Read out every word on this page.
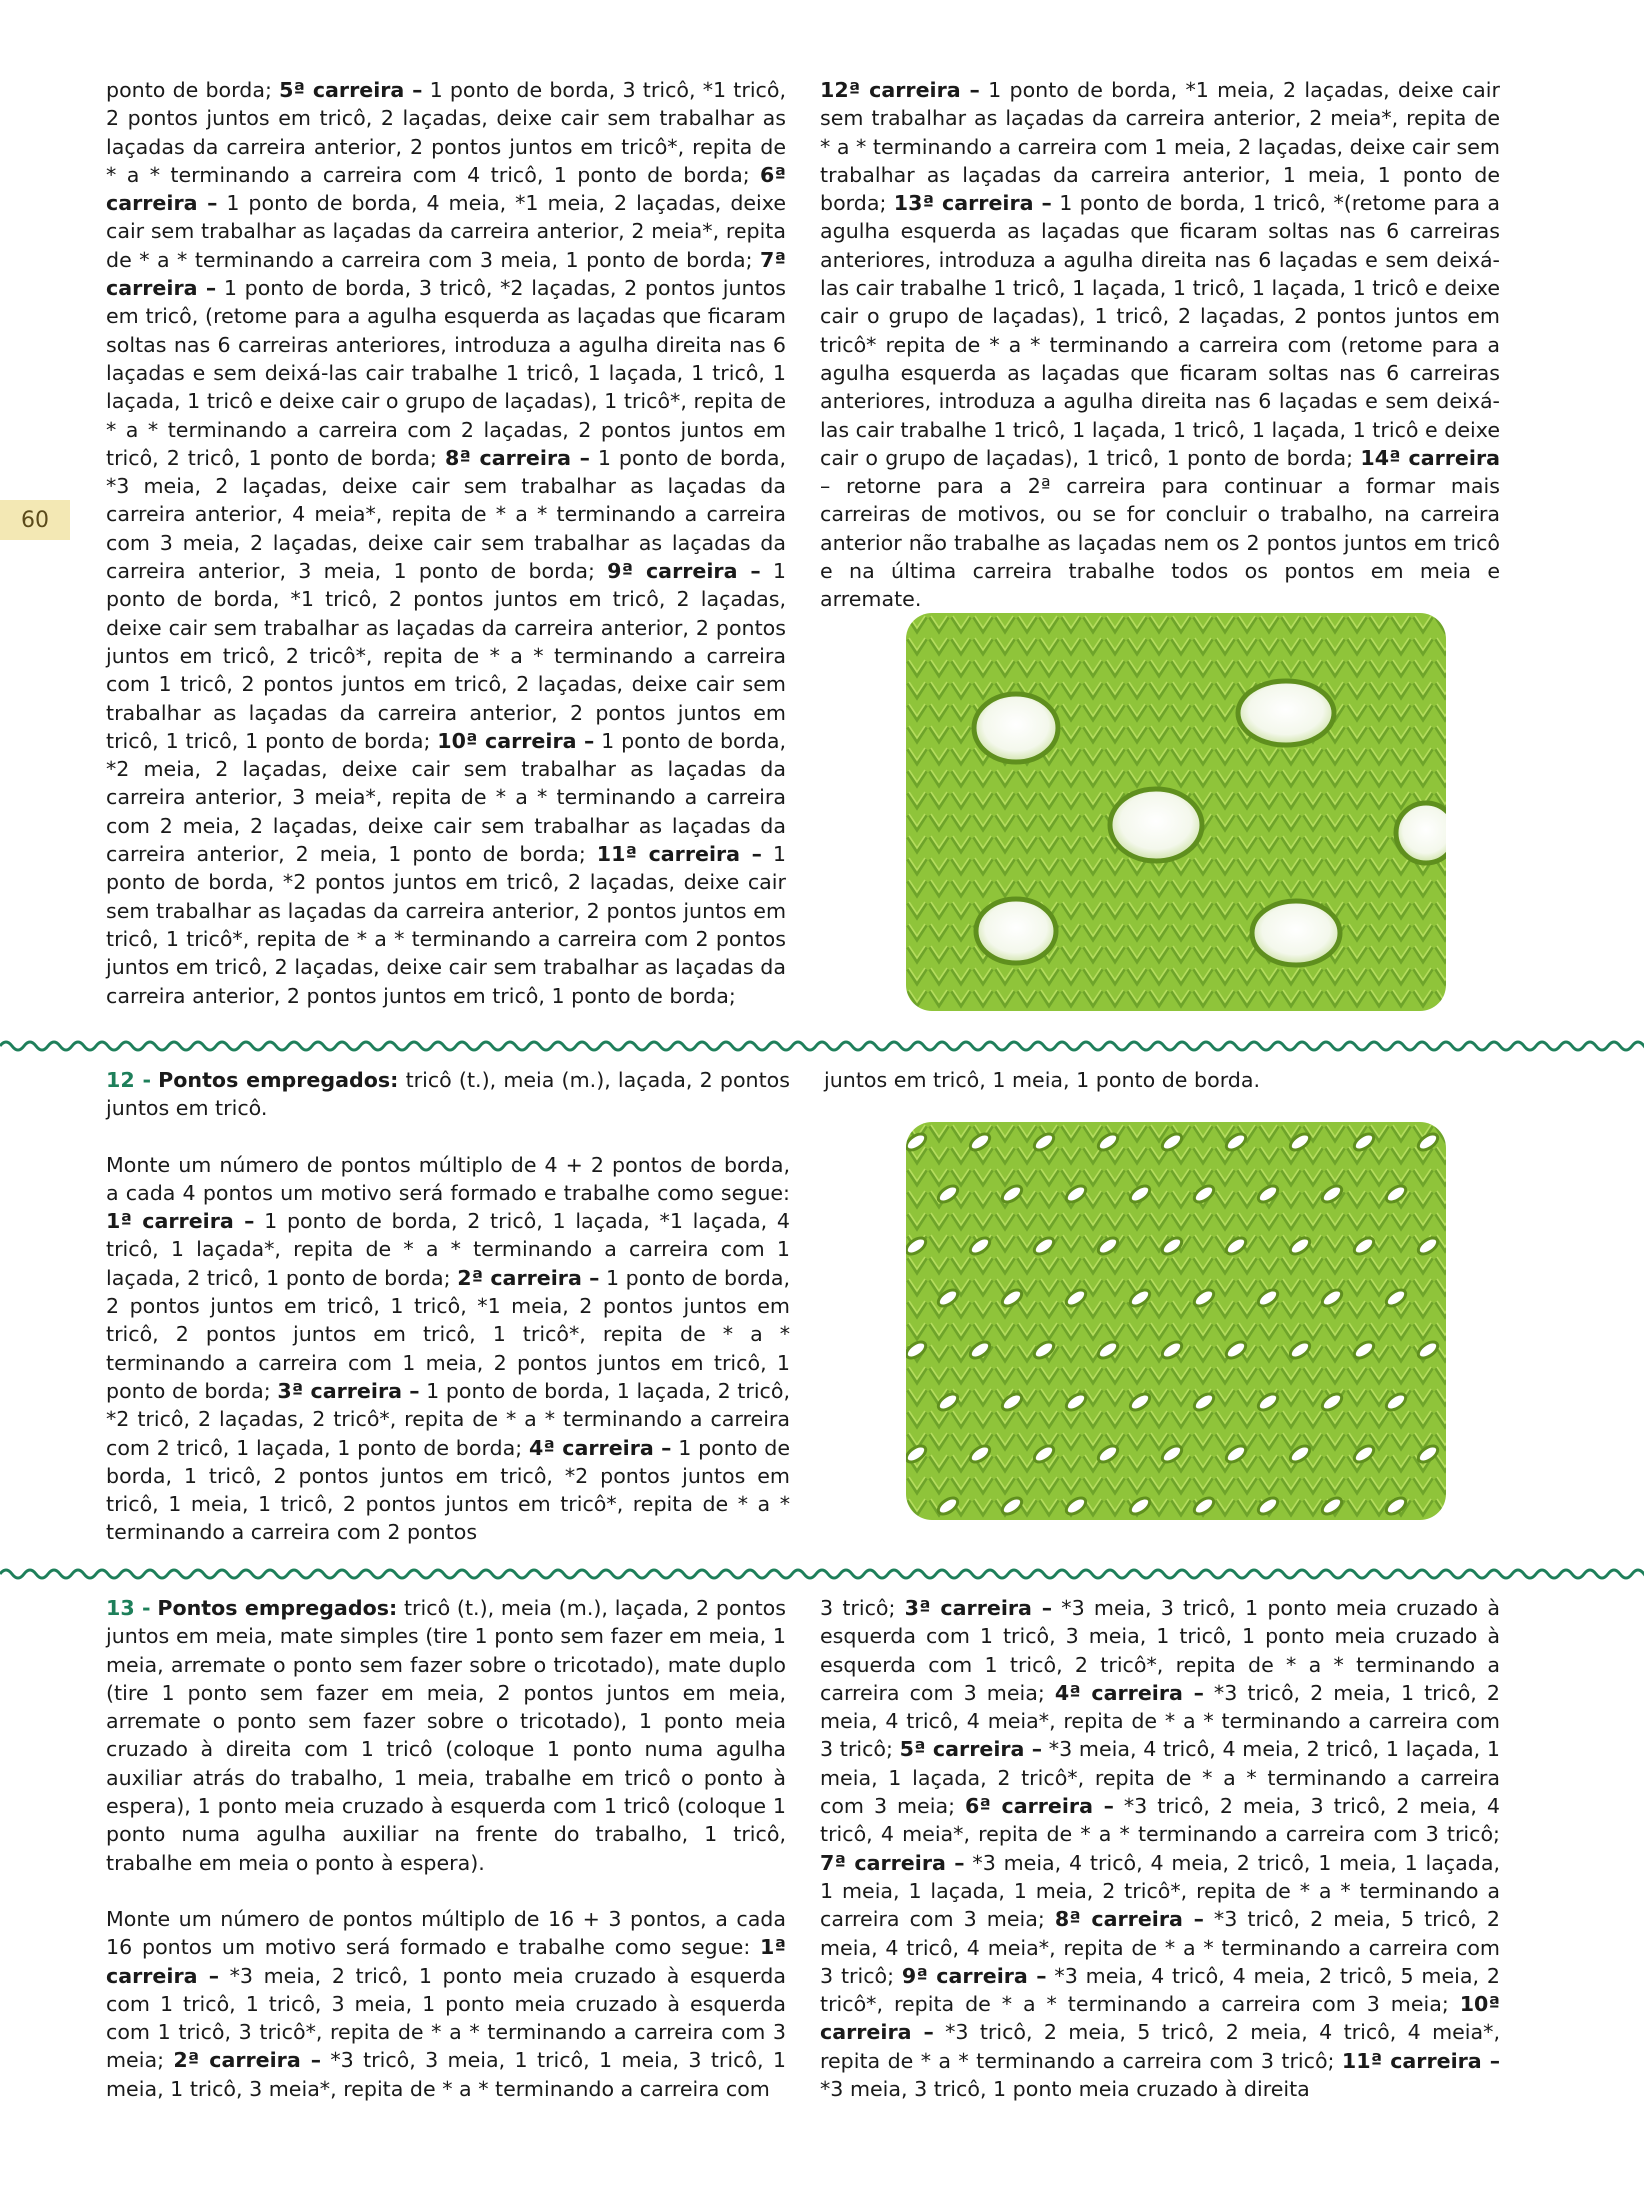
60

ponto de borda; 5ª carreira – 1 ponto de borda, 3 tricô, *1 tricô, 2 pontos juntos em tricô, 2 laçadas, deixe cair sem trabalhar as laçadas da carreira anterior, 2 pontos juntos em tricô*, repita de * a * terminando a carreira com 4 tricô, 1 ponto de borda; 6ª carreira – 1 ponto de borda, 4 meia, *1 meia, 2 laçadas, deixe cair sem trabalhar as laçadas da carreira anterior, 2 meia*, repita de * a * terminando a carreira com 3 meia, 1 ponto de borda; 7ª carreira – 1 ponto de borda, 3 tricô, *2 laçadas, 2 pontos juntos em tricô, (retome para a agulha esquerda as laçadas que ficaram soltas nas 6 carreiras anteriores, introduza a agulha direita nas 6 laçadas e sem deixá-las cair trabalhe 1 tricô, 1 laçada, 1 tricô, 1 laçada, 1 tricô e deixe cair o grupo de laçadas), 1 tricô*, repita de * a * terminando a carreira com 2 laçadas, 2 pontos juntos em tricô, 2 tricô, 1 ponto de borda; 8ª carreira – 1 ponto de borda, *3 meia, 2 laçadas, deixe cair sem trabalhar as laçadas da carreira anterior, 4 meia*, repita de * a * terminando a carreira com 3 meia, 2 laçadas, deixe cair sem trabalhar as laçadas da carreira anterior, 3 meia, 1 ponto de borda; 9ª carreira – 1 ponto de borda, *1 tricô, 2 pontos juntos em tricô, 2 laçadas, deixe cair sem trabalhar as laçadas da carreira anterior, 2 pontos juntos em tricô, 2 tricô*, repita de * a * terminando a carreira com 1 tricô, 2 pontos juntos em tricô, 2 laçadas, deixe cair sem trabalhar as laçadas da carreira anterior, 2 pontos juntos em tricô, 1 tricô, 1 ponto de borda; 10ª carreira – 1 ponto de borda, *2 meia, 2 laçadas, deixe cair sem trabalhar as laçadas da carreira anterior, 3 meia*, repita de * a * terminando a carreira com 2 meia, 2 laçadas, deixe cair sem trabalhar as laçadas da carreira anterior, 2 meia, 1 ponto de borda; 11ª carreira – 1 ponto de borda, *2 pontos juntos em tricô, 2 laçadas, deixe cair sem trabalhar as laçadas da carreira anterior, 2 pontos juntos em tricô, 1 tricô*, repita de * a * terminando a carreira com 2 pontos juntos em tricô, 2 laçadas, deixe cair sem trabalhar as laçadas da carreira anterior, 2 pontos juntos em tricô, 1 ponto de borda;

12ª carreira – 1 ponto de borda, *1 meia, 2 laçadas, deixe cair sem trabalhar as laçadas da carreira anterior, 2 meia*, repita de * a * terminando a carreira com 1 meia, 2 laçadas, deixe cair sem trabalhar as laçadas da carreira anterior, 1 meia, 1 ponto de borda; 13ª carreira – 1 ponto de borda, 1 tricô, *(retome para a agulha esquerda as laçadas que ficaram soltas nas 6 carreiras anteriores, introduza a agulha direita nas 6 laçadas e sem deixá-las cair trabalhe 1 tricô, 1 laçada, 1 tricô, 1 laçada, 1 tricô e deixe cair o grupo de laçadas), 1 tricô, 2 laçadas, 2 pontos juntos em tricô* repita de * a * terminando a carreira com (retome para a agulha esquerda as laçadas que ficaram soltas nas 6 carreiras anteriores, introduza a agulha direita nas 6 laçadas e sem deixá-las cair trabalhe 1 tricô, 1 laçada, 1 tricô, 1 laçada, 1 tricô e deixe cair o grupo de laçadas), 1 tricô, 1 ponto de borda; 14ª carreira – retorne para a 2ª carreira para continuar a formar mais carreiras de motivos, ou se for concluir o trabalho, na carreira anterior não trabalhe as laçadas nem os 2 pontos juntos em tricô e na última carreira trabalhe todos os pontos em meia e arremate.

12 - Pontos empregados: tricô (t.), meia (m.), laçada, 2 pontos juntos em tricô.

Monte um número de pontos múltiplo de 4 + 2 pontos de borda, a cada 4 pontos um motivo será formado e trabalhe como segue: 1ª carreira – 1 ponto de borda, 2 tricô, 1 laçada, *1 laçada, 4 tricô, 1 laçada*, repita de * a * terminando a carreira com 1 laçada, 2 tricô, 1 ponto de borda; 2ª carreira – 1 ponto de borda, 2 pontos juntos em tricô, 1 tricô, *1 meia, 2 pontos juntos em tricô, 2 pontos juntos em tricô, 1 tricô*, repita de * a * terminando a carreira com 1 meia, 2 pontos juntos em tricô, 1 ponto de borda; 3ª carreira – 1 ponto de borda, 1 laçada, 2 tricô, *2 tricô, 2 laçadas, 2 tricô*, repita de * a * terminando a carreira com 2 tricô, 1 laçada, 1 ponto de borda; 4ª carreira – 1 ponto de borda, 1 tricô, 2 pontos juntos em tricô, *2 pontos juntos em tricô, 1 meia, 1 tricô, 2 pontos juntos em tricô*, repita de * a * terminando a carreira com 2 pontos

juntos em tricô, 1 meia, 1 ponto de borda.

13 - Pontos empregados: tricô (t.), meia (m.), laçada, 2 pontos juntos em meia, mate simples (tire 1 ponto sem fazer em meia, 1 meia, arremate o ponto sem fazer sobre o tricotado), mate duplo (tire 1 ponto sem fazer em meia, 2 pontos juntos em meia, arremate o ponto sem fazer sobre o tricotado), 1 ponto meia cruzado à direita com 1 tricô (coloque 1 ponto numa agulha auxiliar atrás do trabalho, 1 meia, trabalhe em tricô o ponto à espera), 1 ponto meia cruzado à esquerda com 1 tricô (coloque 1 ponto numa agulha auxiliar na frente do trabalho, 1 tricô, trabalhe em meia o ponto à espera).

Monte um número de pontos múltiplo de 16 + 3 pontos, a cada 16 pontos um motivo será formado e trabalhe como segue: 1ª carreira – *3 meia, 2 tricô, 1 ponto meia cruzado à esquerda com 1 tricô, 1 tricô, 3 meia, 1 ponto meia cruzado à esquerda com 1 tricô, 3 tricô*, repita de * a * terminando a carreira com 3 meia; 2ª carreira – *3 tricô, 3 meia, 1 tricô, 1 meia, 3 tricô, 1 meia, 1 tricô, 3 meia*, repita de * a * terminando a carreira com

3 tricô; 3ª carreira – *3 meia, 3 tricô, 1 ponto meia cruzado à esquerda com 1 tricô, 3 meia, 1 tricô, 1 ponto meia cruzado à esquerda com 1 tricô, 2 tricô*, repita de * a * terminando a carreira com 3 meia; 4ª carreira – *3 tricô, 2 meia, 1 tricô, 2 meia, 4 tricô, 4 meia*, repita de * a * terminando a carreira com 3 tricô; 5ª carreira – *3 meia, 4 tricô, 4 meia, 2 tricô, 1 laçada, 1 meia, 1 laçada, 2 tricô*, repita de * a * terminando a carreira com 3 meia; 6ª carreira – *3 tricô, 2 meia, 3 tricô, 2 meia, 4 tricô, 4 meia*, repita de * a * terminando a carreira com 3 tricô; 7ª carreira – *3 meia, 4 tricô, 4 meia, 2 tricô, 1 meia, 1 laçada, 1 meia, 1 laçada, 1 meia, 2 tricô*, repita de * a * terminando a carreira com 3 meia; 8ª carreira – *3 tricô, 2 meia, 5 tricô, 2 meia, 4 tricô, 4 meia*, repita de * a * terminando a carreira com 3 tricô; 9ª carreira – *3 meia, 4 tricô, 4 meia, 2 tricô, 5 meia, 2 tricô*, repita de * a * terminando a carreira com 3 meia; 10ª carreira – *3 tricô, 2 meia, 5 tricô, 2 meia, 4 tricô, 4 meia*, repita de * a * terminando a carreira com 3 tricô; 11ª carreira – *3 meia, 3 tricô, 1 ponto meia cruzado à direita
